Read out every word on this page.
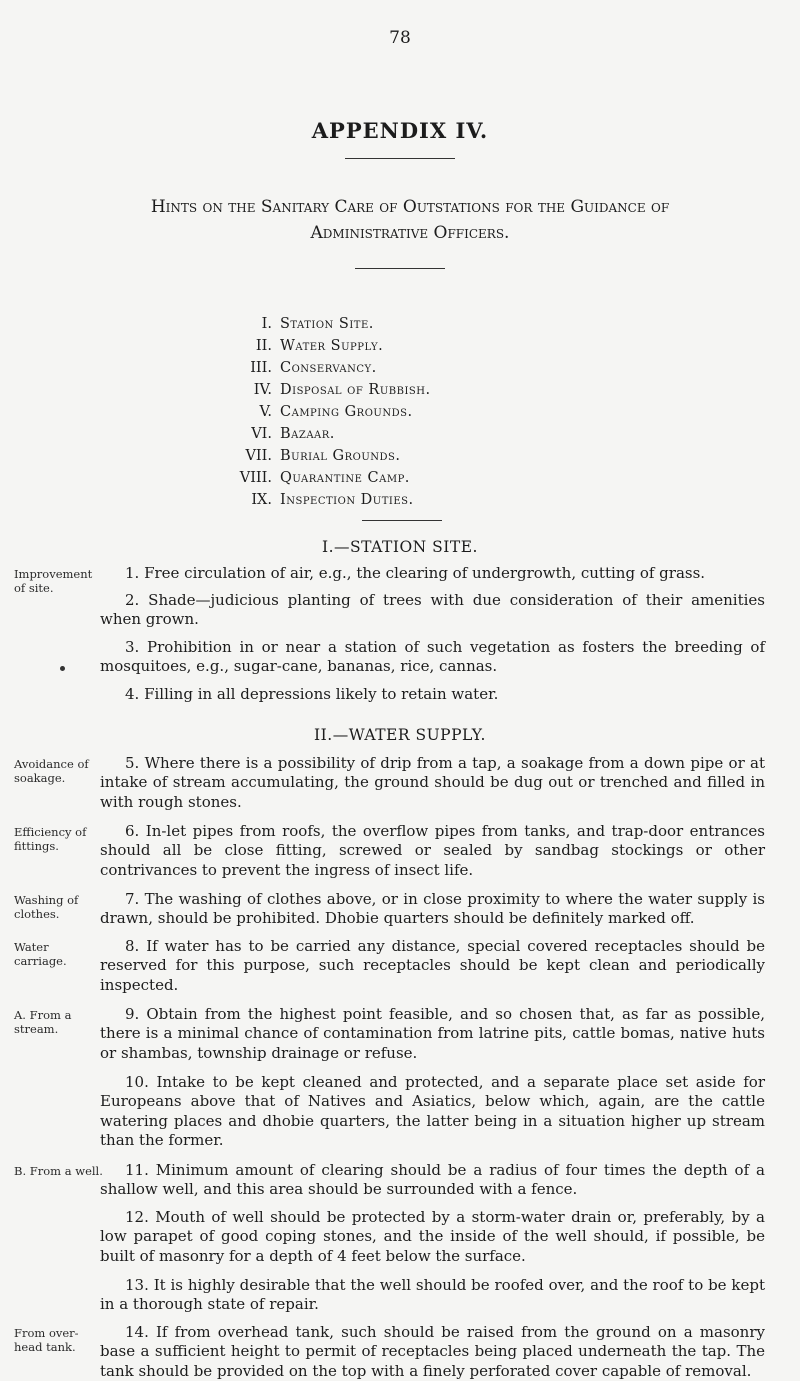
78
APPENDIX IV.
Hints on the Sanitary Care of Outstations for the Guidance of Administrative Officers.
I. Station Site.
II. Water Supply.
III. Conservancy.
IV. Disposal of Rubbish.
V. Camping Grounds.
VI. Bazaar.
VII. Burial Grounds.
VIII. Quarantine Camp.
IX. Inspection Duties.
I.—STATION SITE.
Improvement of site.
1. Free circulation of air, e.g., the clearing of undergrowth, cutting of grass.
2. Shade—judicious planting of trees with due consideration of their amenities when grown.
3. Prohibition in or near a station of such vegetation as fosters the breeding of mosquitoes, e.g., sugar-cane, bananas, rice, cannas.
4. Filling in all depressions likely to retain water.
II.—WATER SUPPLY.
Avoidance of soakage.
5. Where there is a possibility of drip from a tap, a soakage from a down pipe or at intake of stream accumulating, the ground should be dug out or trenched and filled in with rough stones.
Efficiency of fittings.
6. In-let pipes from roofs, the overflow pipes from tanks, and trap-door entrances should all be close fitting, screwed or sealed by sandbag stockings or other contrivances to prevent the ingress of insect life.
Washing of clothes.
7. The washing of clothes above, or in close proximity to where the water supply is drawn, should be prohibited. Dhobie quarters should be definitely marked off.
Water carriage.
8. If water has to be carried any distance, special covered receptacles should be reserved for this purpose, such receptacles should be kept clean and periodically inspected.
A. From a stream.
9. Obtain from the highest point feasible, and so chosen that, as far as possible, there is a minimal chance of contamination from latrine pits, cattle bomas, native huts or shambas, township drainage or refuse.
10. Intake to be kept cleaned and protected, and a separate place set aside for Europeans above that of Natives and Asiatics, below which, again, are the cattle watering places and dhobie quarters, the latter being in a situation higher up stream than the former.
B. From a well.	11. Minimum amount of clearing should be a radius of four times the depth of a shallow well, and this area should be surrounded with a fence.
12. Mouth of well should be protected by a storm-water drain or, preferably, by a low parapet of good coping stones, and the inside of the well should, if possible, be built of masonry for a depth of 4 feet below the surface.
13. It is highly desirable that the well should be roofed over, and the roof to be kept in a thorough state of repair.
From over-head tank.
14. If from overhead tank, such should be raised from the ground on a masonry base a sufficient height to permit of receptacles being placed underneath the tap. The tank should be provided on the top with a finely perforated cover capable of removal.
